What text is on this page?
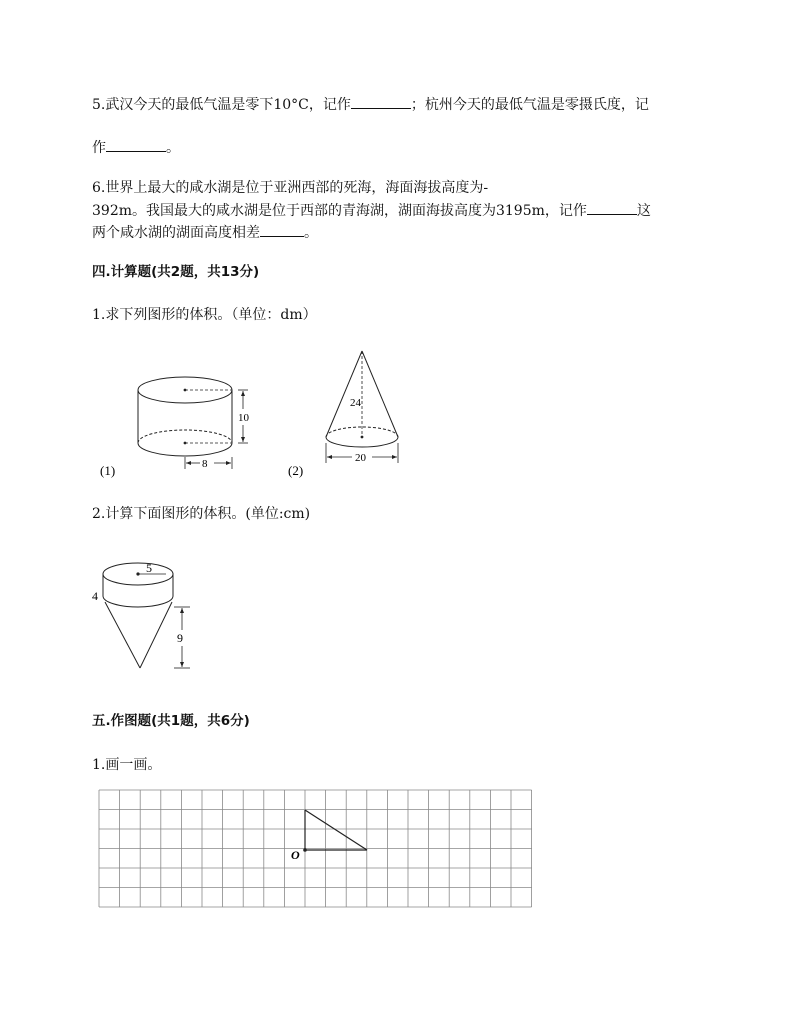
5.武汉今天的最低气温是零下10°C，记作	；杭州今天的最低气温是零摄氏度，记
作	。
6.世界上最大的咸水湖是位于亚洲西部的死海，海面海拔高度为-
392m。我国最大的咸水湖是位于西部的青海湖，湖面海拔高度为3195m，记作	这
两个咸水湖的湖面高度相差	。
四.计算题(共2题，共13分)
1.求下列图形的体积。（单位：dm）
10
8
(1)
24
20
(2)
2.计算下面图形的体积。(单位:cm)
5
4
9
五.作图题(共1题，共6分)
1.画一画。
O
